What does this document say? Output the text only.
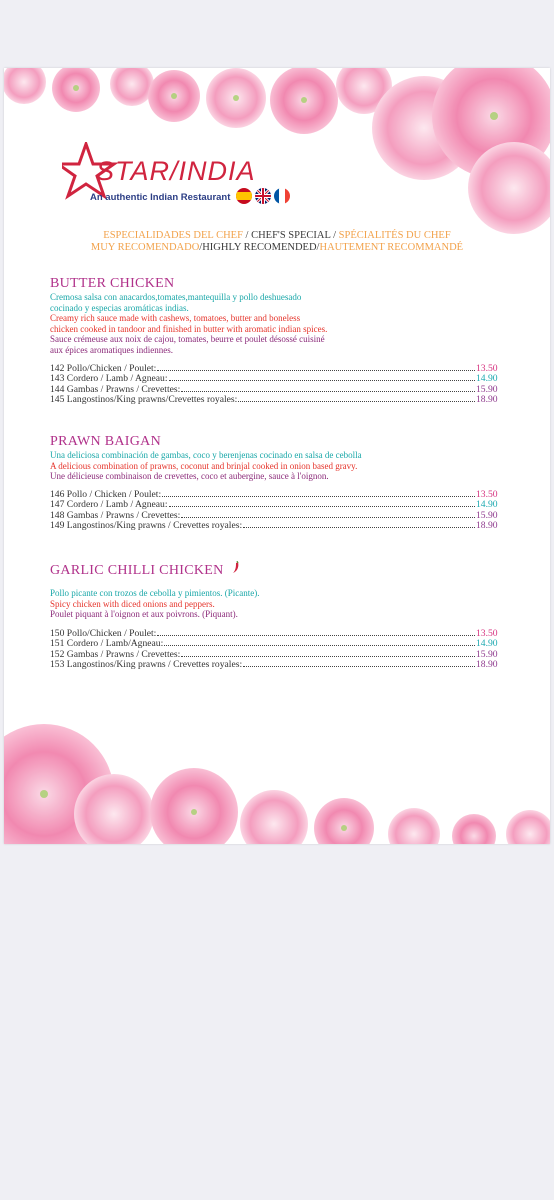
STAR/INDIA
An authentic Indian Restaurant
ESPECIALIDADES DEL CHEF / CHEF'S SPECIAL / SPÉCIALITÉS DU CHEF
MUY RECOMENDADO/HIGHLY RECOMENDED/HAUTEMENT RECOMMANDÉ
BUTTER CHICKEN
Cremosa salsa con anacardos,tomates,mantequilla y pollo deshuesado
cocinado y especias aromáticas indias.
Creamy rich sauce made with cashews, tomatoes, butter and boneless
chicken cooked in tandoor and finished in butter with aromatic indian spices.
Sauce crémeuse aux noix de cajou, tomates, beurre et poulet désossé cuisiné
aux épices aromatiques indiennes.
142 Pollo/Chicken / Poulet:	13.50
143 Cordero / Lamb / Agneau:	14.90
144 Gambas / Prawns / Crevettes:	15.90
145 Langostinos/King prawns/Crevettes royales:	18.90
PRAWN BAIGAN
Una deliciosa combinación de gambas, coco y berenjenas cocinado en salsa de cebolla
A delicious combination of prawns, coconut and brinjal cooked in onion based gravy.
Une délicieuse combinaison de crevettes, coco et aubergine, sauce à l'oignon.
146 Pollo / Chicken / Poulet:	13.50
147 Cordero / Lamb / Agneau:	14.90
148 Gambas / Prawns / Crevettes:	15.90
149 Langostinos/King prawns / Crevettes royales:	18.90
GARLIC CHILLI CHICKEN
Pollo picante con trozos de cebolla y pimientos. (Picante).
Spicy chicken with diced onions and peppers.
Poulet piquant à l'oignon et aux poivrons. (Piquant).
150 Pollo/Chicken / Poulet:	13.50
151 Cordero / Lamb/Agneau:	14.90
152 Gambas / Prawns / Crevettes:	15.90
153 Langostinos/King prawns / Crevettes royales:	18.90
